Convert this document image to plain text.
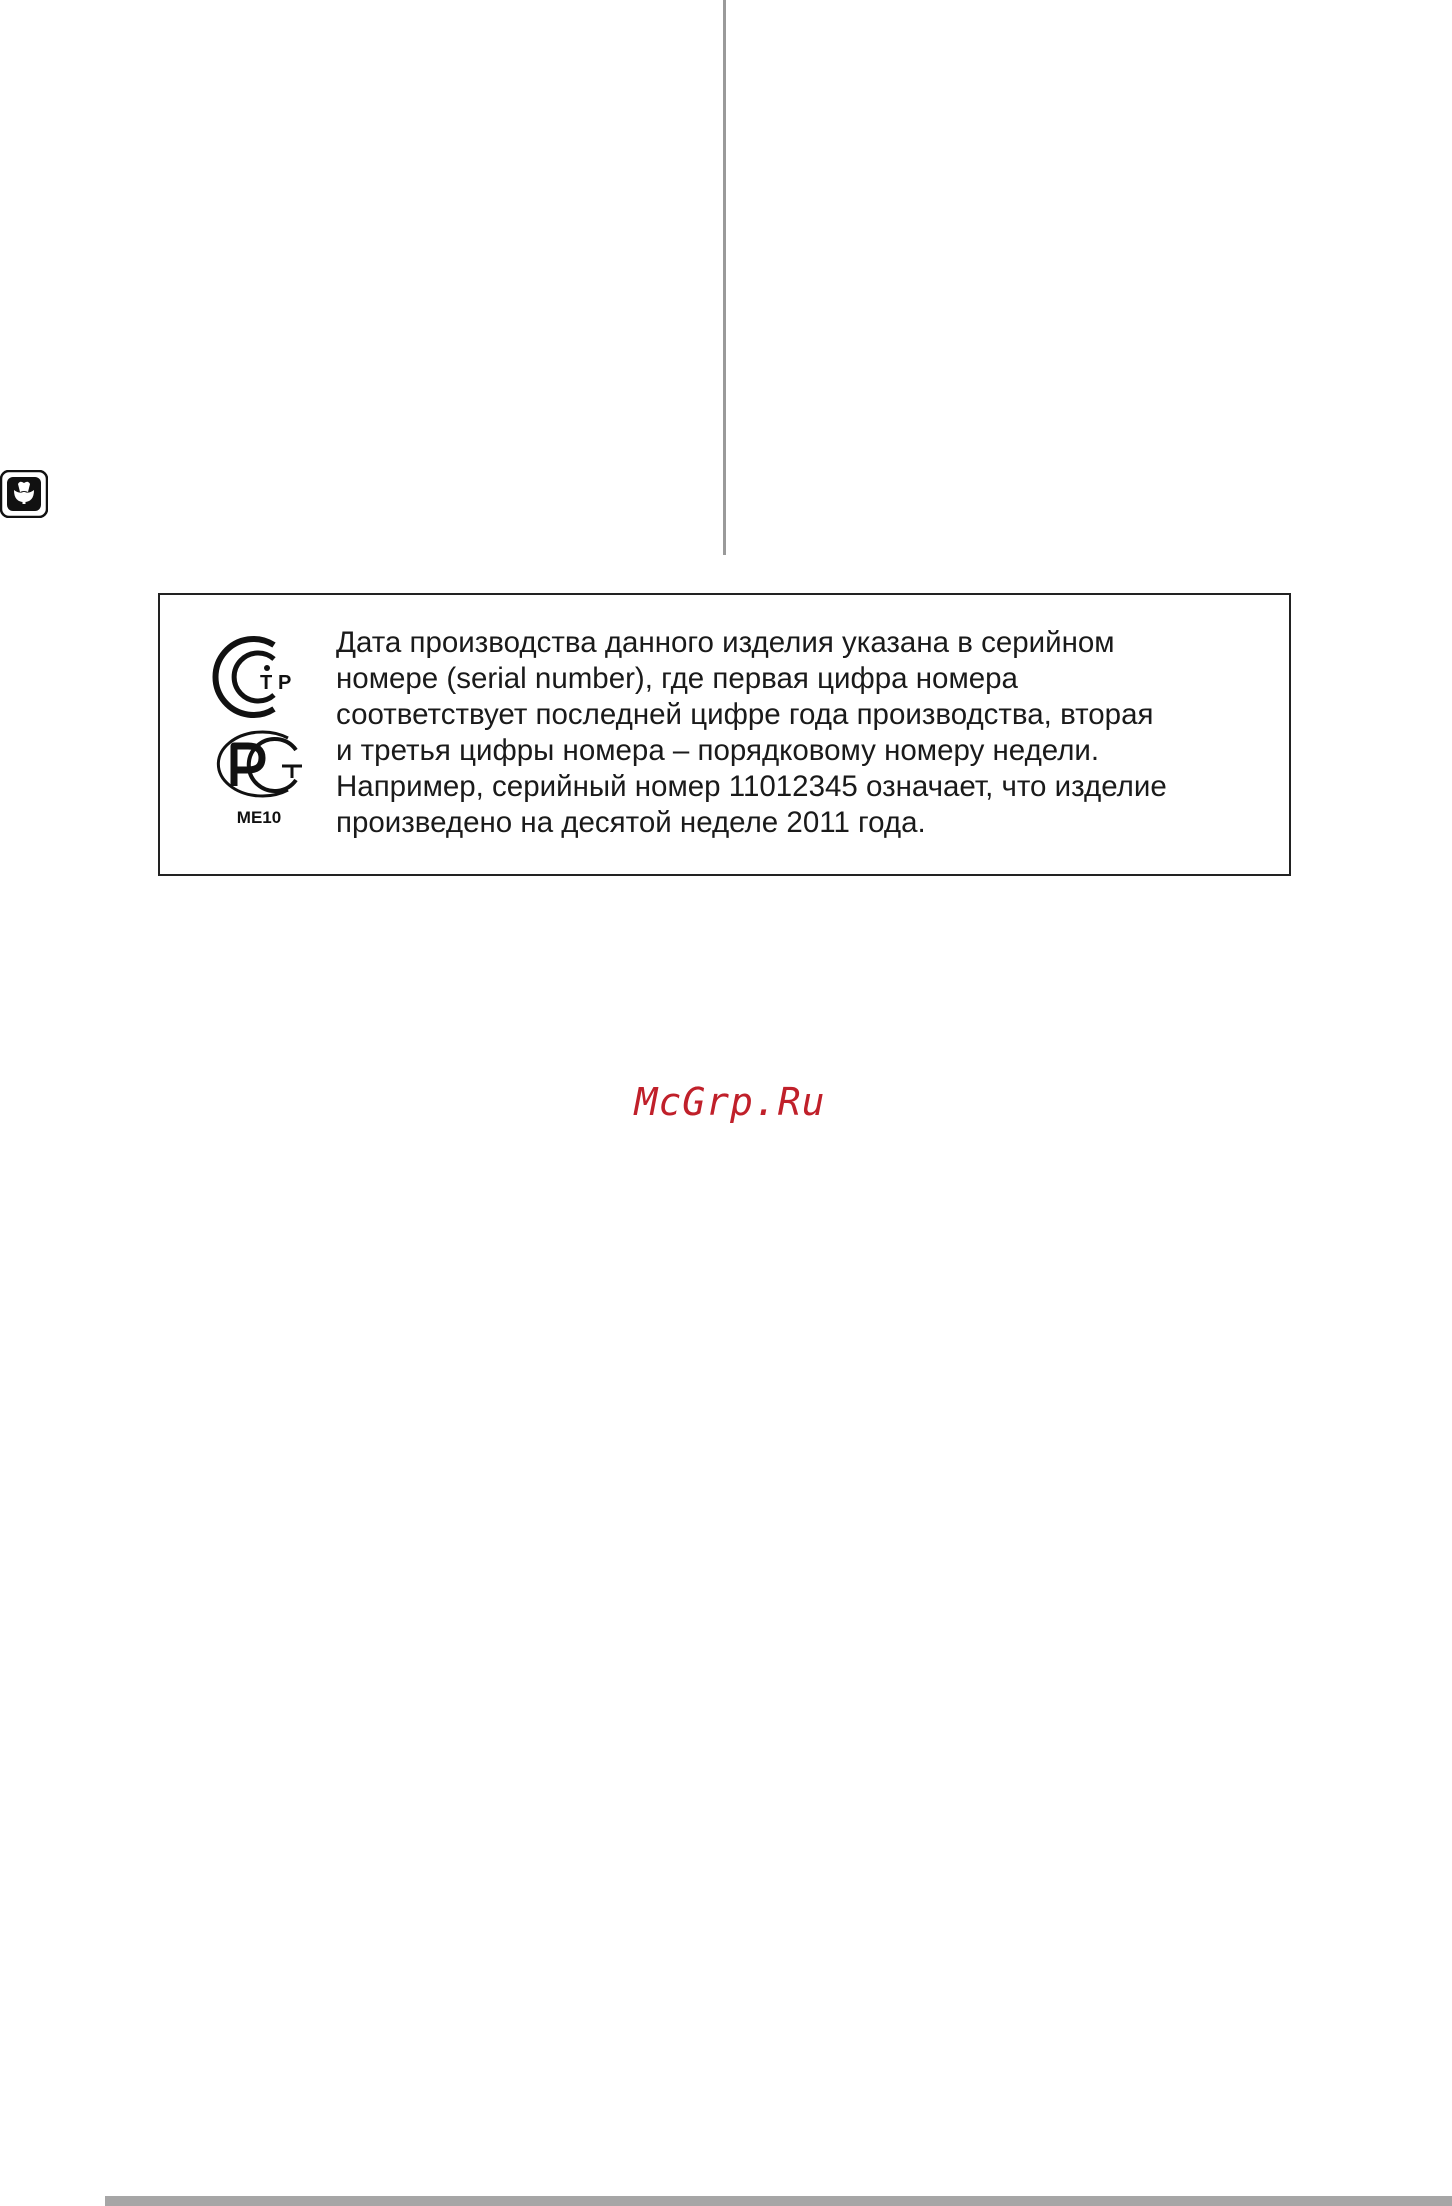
Т Р
ME10
Дата производства данного изделия указана в серийном
номере (serial number), где первая цифра номера
соответствует последней цифре года производства, вторая
и третья цифры номера – порядковому номеру недели.
Например, серийный номер 11012345 означает, что изделие
произведено на десятой неделе 2011 года.
McGrp.Ru
